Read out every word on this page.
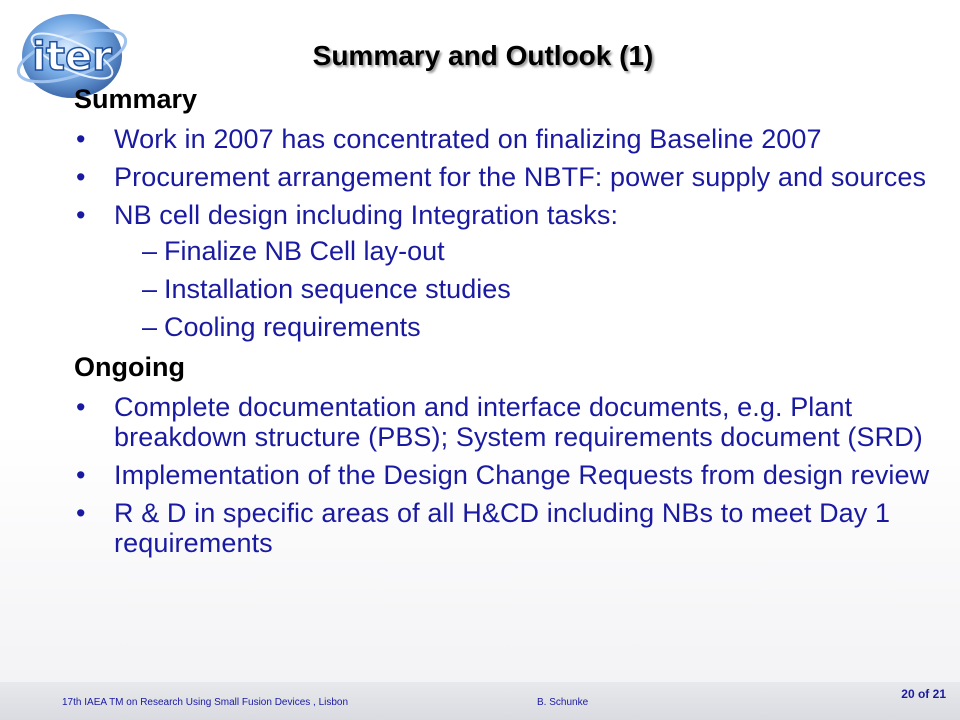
iter	Summary and Outlook (1)
Summary
• Work in 2007 has concentrated on finalizing Baseline 2007
• Procurement arrangement for the NBTF: power supply and sources
• NB cell design including Integration tasks:
– Finalize NB Cell lay-out
– Installation sequence studies
– Cooling requirements
Ongoing
• Complete documentation and interface documents, e.g. Plant breakdown structure (PBS); System requirements document (SRD)
• Implementation of the Design Change Requests from design review
• R & D in specific areas of all H&CD including NBs to meet Day 1 requirements
17th IAEA TM on Research Using Small Fusion Devices , Lisbon	B. Schunke
20 of 21
